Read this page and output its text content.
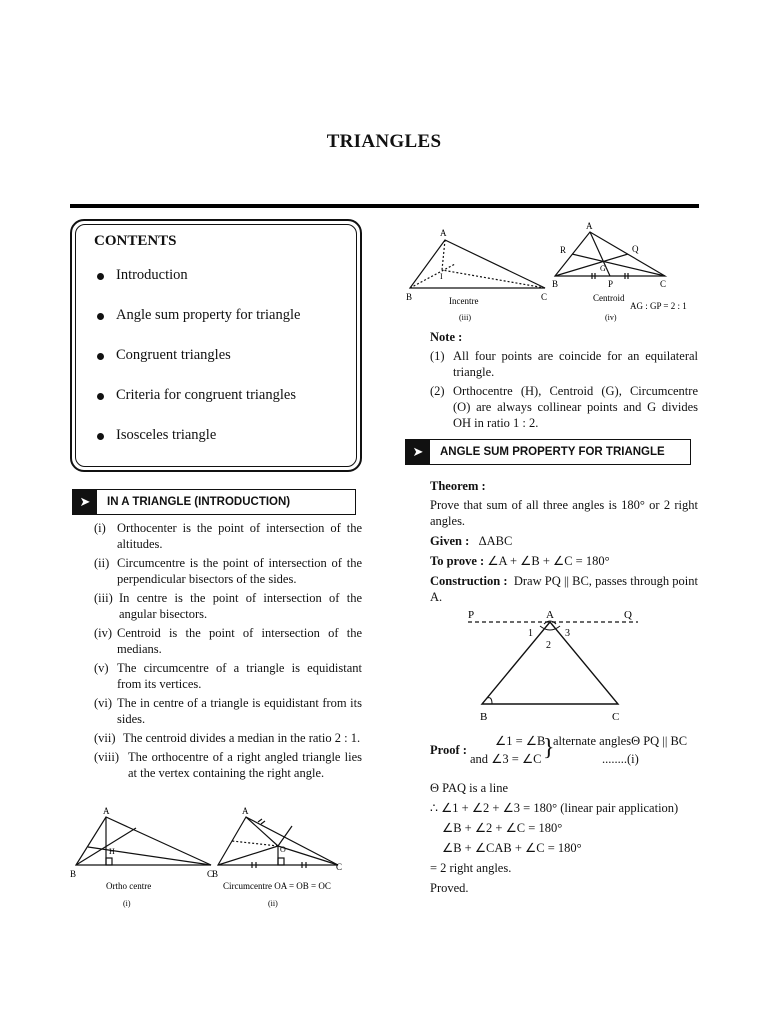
TRIANGLES
CONTENTS
Introduction
Angle sum property for triangle
Congruent triangles
Criteria for congruent triangles
Isosceles triangle
➤	IN A TRIANGLE (INTRODUCTION)
(i) Orthocenter is the point of intersection of the altitudes.
(ii) Circumcentre is the point of intersection of the perpendicular bisectors of the sides.
(iii) In centre is the point of intersection of the angular bisectors.
(iv) Centroid is the point of intersection of the medians.
(v) The circumcentre of a triangle is equidistant from its vertices.
(vi) The in centre of a triangle is equidistant from its sides.
(vii) The centroid divides a median in the ratio 2 : 1.
(viii) The orthocentre of a right angled triangle lies at the vertex containing the right angle.
A
B	C
H
Ortho centre
(i)
A
B
C
O
Circumcentre OA = OB = OC
(ii)
A
B	C
I
Incentre
(iii)
A
R	Q
G
B	P	C
Centroid
AG : GP = 2 : 1
(iv)
Note :
(1) All four points are coincide for an equilateral triangle.
(2) Orthocentre (H), Centroid (G), Circumcentre (O) are always collinear points and G divides OH in ratio 1 : 2.
➤	ANGLE SUM PROPERTY FOR TRIANGLE
Theorem :
Prove that sum of all three angles is 180° or 2 right angles.
Given : ΔABC
To prove : ∠A + ∠B + ∠C = 180°
Construction : Draw PQ || BC, passes through point A.
P	A	Q
1
2
3
B	C
Proof :
∠1 = ∠B
and ∠3 = ∠C }
alternate anglesΘ PQ || BC
........(i)
Θ PAQ is a line
∴ ∠1 + ∠2 + ∠3 = 180° (linear pair application)
∠B + ∠2 + ∠C = 180°
∠B + ∠CAB + ∠C = 180°
= 2 right angles.
Proved.
